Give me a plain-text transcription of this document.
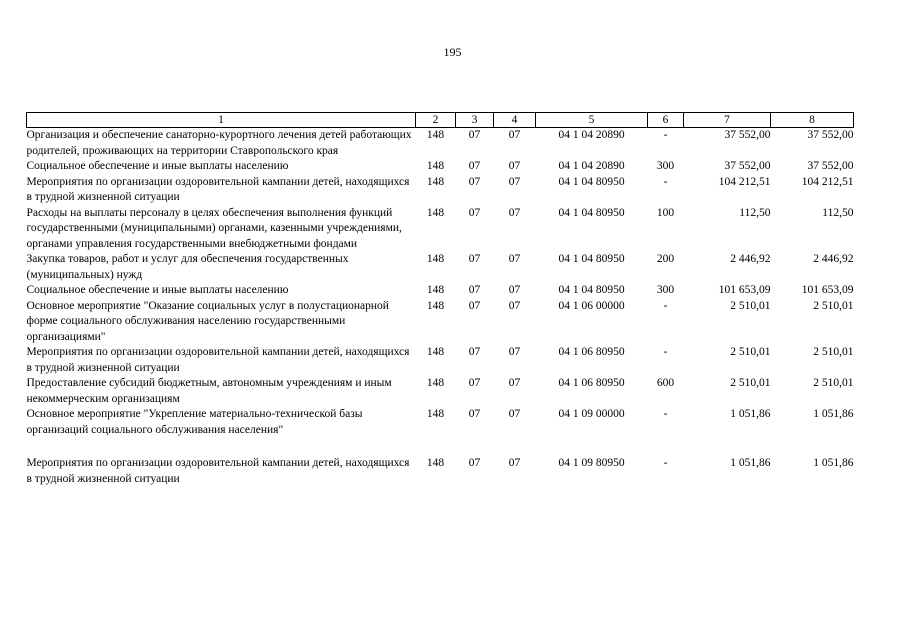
195
1	2	3	4	5	6	7	8
Организация и обеспечение санаторно-курортного лечения детей работающих родителей, проживающих на территории Ставропольского края	148	07	07	04 1 04 20890	-	37 552,00	37 552,00
Социальное обеспечение и иные выплаты населению	148	07	07	04 1 04 20890	300	37 552,00	37 552,00
Мероприятия по организации оздоровительной кампании детей, находящихся в трудной жизненной ситуации	148	07	07	04 1 04 80950	-	104 212,51	104 212,51
Расходы на выплаты персоналу в целях обеспечения выполнения функций государственными (муниципальными) органами, казенными учреждениями, органами управления государственными внебюджетными фондами	148	07	07	04 1 04 80950	100	112,50	112,50
Закупка товаров, работ и услуг для обеспечения государственных (муниципальных) нужд	148	07	07	04 1 04 80950	200	2 446,92	2 446,92
Социальное обеспечение и иные выплаты населению	148	07	07	04 1 04 80950	300	101 653,09	101 653,09
Основное мероприятие "Оказание социальных услуг в полустационарной форме социального обслуживания населению государственными организациями"	148	07	07	04 1 06 00000	-	2 510,01	2 510,01
Мероприятия по организации оздоровительной кампании детей, находящихся в трудной жизненной ситуации	148	07	07	04 1 06 80950	-	2 510,01	2 510,01
Предоставление субсидий бюджетным, автономным учреждениям и иным некоммерческим организациям	148	07	07	04 1 06 80950	600	2 510,01	2 510,01
Основное мероприятие "Укрепление материально-технической базы организаций социального обслуживания населения"	148	07	07	04 1 09 00000	-	1 051,86	1 051,86

Мероприятия по организации оздоровительной кампании детей, находящихся в трудной жизненной ситуации	148	07	07	04 1 09 80950	-	1 051,86	1 051,86
